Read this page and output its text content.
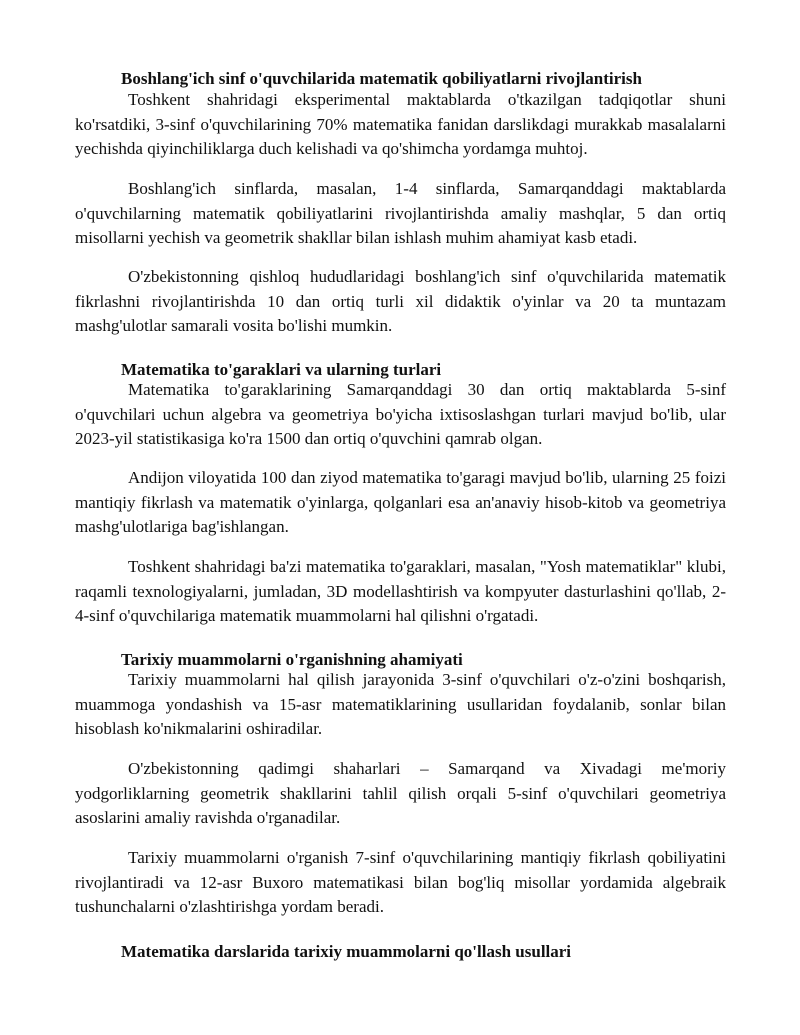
Boshlang'ich sinf o'quvchilarida matematik qobiliyatlarni rivojlantirish
Toshkent shahridagi eksperimental maktablarda o'tkazilgan tadqiqotlar shuni ko'rsatdiki, 3-sinf o'quvchilarining 70% matematika fanidan darslikdagi murakkab masalalarni yechishda qiyinchiliklarga duch kelishadi va qo'shimcha yordamga muhtoj.
Boshlang'ich sinflarda, masalan, 1-4 sinflarda, Samarqanddagi maktablarda o'quvchilarning matematik qobiliyatlarini rivojlantirishda amaliy mashqlar, 5 dan ortiq misollarni yechish va geometrik shakllar bilan ishlash muhim ahamiyat kasb etadi.
O'zbekistonning qishloq hududlaridagi boshlang'ich sinf o'quvchilarida matematik fikrlashni rivojlantirishda 10 dan ortiq turli xil didaktik o'yinlar va 20 ta muntazam mashg'ulotlar samarali vosita bo'lishi mumkin.
Matematika to'garaklari va ularning turlari
Matematika to'garaklarining Samarqanddagi 30 dan ortiq maktablarda 5-sinf o'quvchilari uchun algebra va geometriya bo'yicha ixtisoslashgan turlari mavjud bo'lib, ular 2023-yil statistikasiga ko'ra 1500 dan ortiq o'quvchini qamrab olgan.
Andijon viloyatida 100 dan ziyod matematika to'garagi mavjud bo'lib, ularning 25 foizi mantiqiy fikrlash va matematik o'yinlarga, qolganlari esa an'anaviy hisob-kitob va geometriya mashg'ulotlariga bag'ishlangan.
Toshkent shahridagi ba'zi matematika to'garaklari, masalan, "Yosh matematiklar" klubi, raqamli texnologiyalarni, jumladan, 3D modellashtirish va kompyuter dasturlashini qo'llab, 2-4-sinf o'quvchilariga matematik muammolarni hal qilishni o'rgatadi.
Tarixiy muammolarni o'rganishning ahamiyati
Tarixiy muammolarni hal qilish jarayonida 3-sinf o'quvchilari o'z-o'zini boshqarish, muammoga yondashish va 15-asr matematiklarining usullaridan foydalanib, sonlar bilan hisoblash ko'nikmalarini oshiradilar.
O'zbekistonning qadimgi shaharlari – Samarqand va Xivadagi me'moriy yodgorliklarning geometrik shakllarini tahlil qilish orqali 5-sinf o'quvchilari geometriya asoslarini amaliy ravishda o'rganadilar.
Tarixiy muammolarni o'rganish 7-sinf o'quvchilarining mantiqiy fikrlash qobiliyatini rivojlantiradi va 12-asr Buxoro matematikasi bilan bog'liq misollar yordamida algebraik tushunchalarni o'zlashtirishga yordam beradi.
Matematika darslarida tarixiy muammolarni qo'llash usullari
